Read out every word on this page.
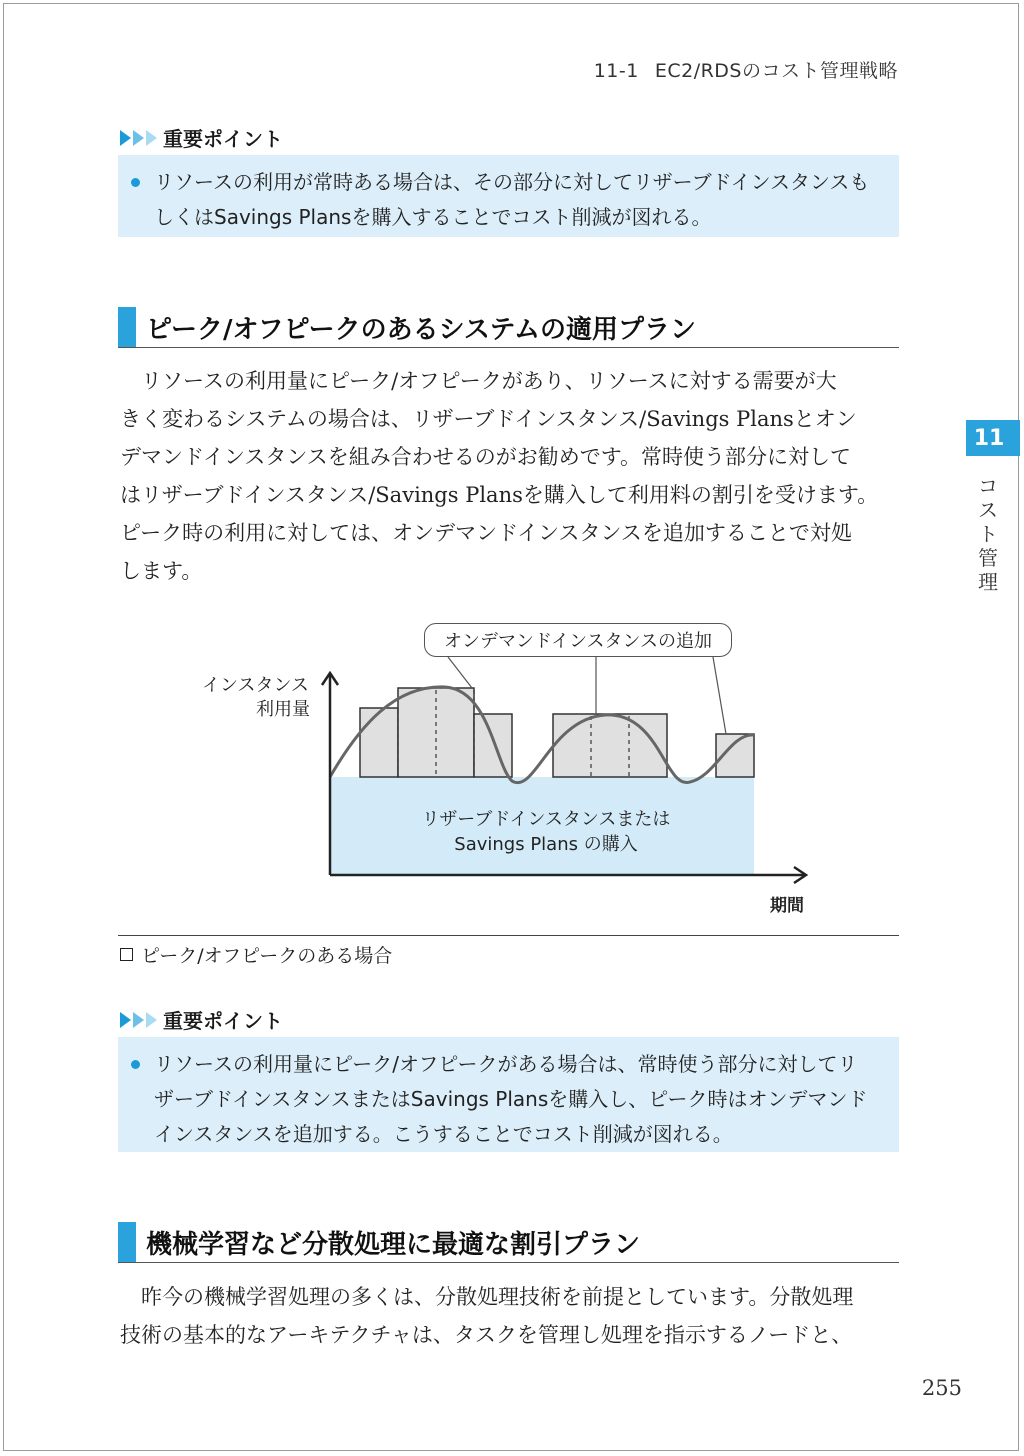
11-1 EC2/RDSのコスト管理戦略
重要ポイント
リソースの利用が常時ある場合は、その部分に対してリザーブドインスタンスも
しくはSavings Plansを購入することでコスト削減が図れる。
ピーク/オフピークのあるシステムの適用プラン
リソースの利用量にピーク/オフピークがあり、リソースに対する需要が大
きく変わるシステムの場合は、リザーブドインスタンス/Savings Plansとオン
デマンドインスタンスを組み合わせるのがお勧めです。常時使う部分に対して
はリザーブドインスタンス/Savings Plansを購入して利用料の割引を受けます。
ピーク時の利用に対しては、オンデマンドインスタンスを追加することで対処
します。
11
コ
ス
ト
管
理
オンデマンドインスタンスの追加
インスタンス
利用量
期間
リザーブドインスタンスまたは
Savings Plans の購入
ピーク/オフピークのある場合
重要ポイント
リソースの利用量にピーク/オフピークがある場合は、常時使う部分に対してリ
ザーブドインスタンスまたはSavings Plansを購入し、ピーク時はオンデマンド
インスタンスを追加する。こうすることでコスト削減が図れる。
機械学習など分散処理に最適な割引プラン
昨今の機械学習処理の多くは、分散処理技術を前提としています。分散処理
技術の基本的なアーキテクチャは、タスクを管理し処理を指示するノードと、
255
